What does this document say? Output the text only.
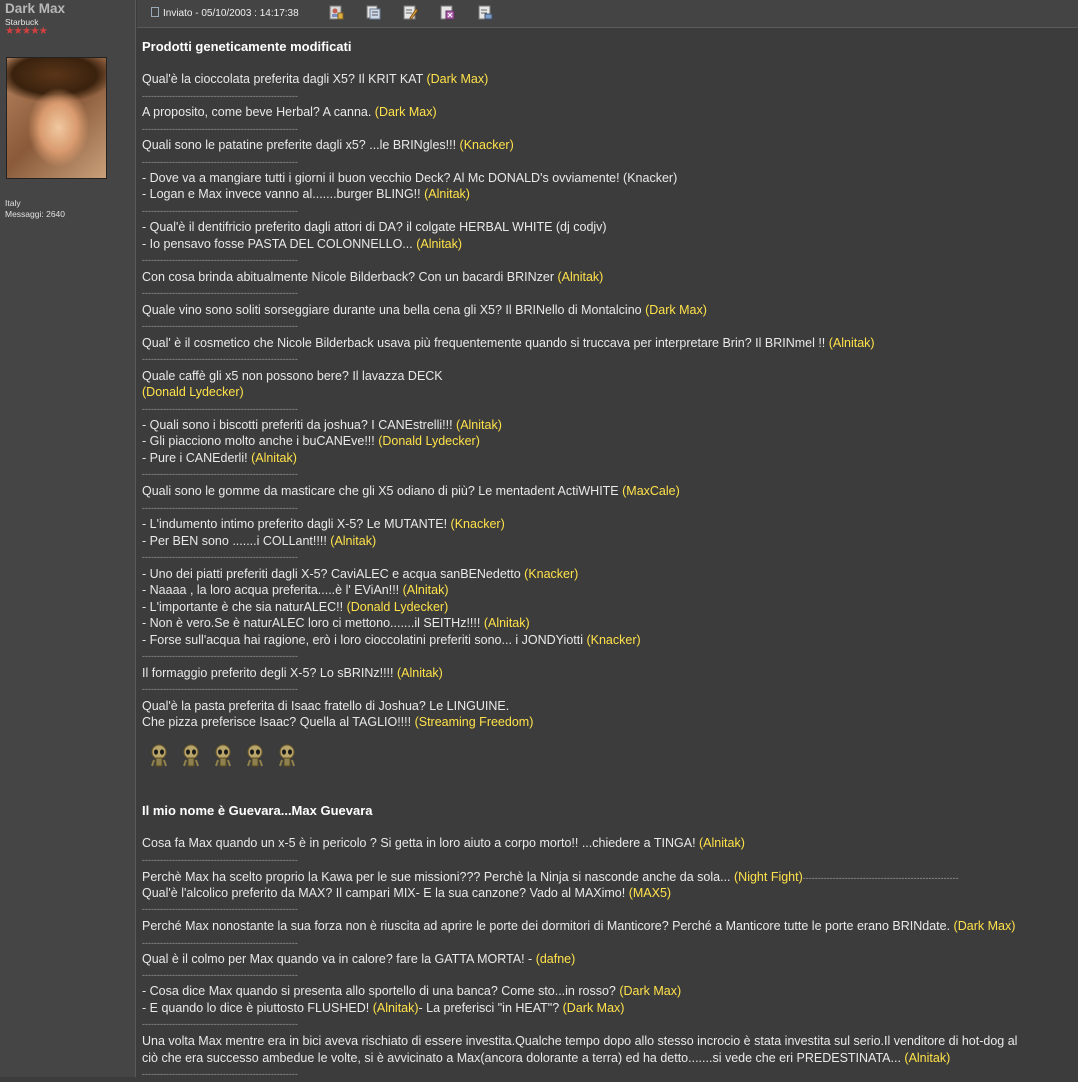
Dark Max
Starbuck
★★★★★
Italy
Messaggi: 2640
Inviato - 05/10/2003 : 14:17:38
Prodotti geneticamente modificati
Qual'è la cioccolata preferita dagli X5? Il KRIT KAT (Dark Max)
----------------------------------------------------
A proposito, come beve Herbal? A canna. (Dark Max)
----------------------------------------------------
Quali sono le patatine preferite dagli x5? ...le BRINgles!!! (Knacker)
----------------------------------------------------
- Dove va a mangiare tutti i giorni il buon vecchio Deck? Al Mc DONALD's ovviamente! (Knacker)
- Logan e Max invece vanno al.......burger BLING!! (Alnitak)
----------------------------------------------------
- Qual'è il dentifricio preferito dagli attori di DA? il colgate HERBAL WHITE (dj codjv)
- Io pensavo fosse PASTA DEL COLONNELLO... (Alnitak)
----------------------------------------------------
Con cosa brinda abitualmente Nicole Bilderback? Con un bacardi BRINzer (Alnitak)
----------------------------------------------------
Quale vino sono soliti sorseggiare durante una bella cena gli X5? Il BRINello di Montalcino (Dark Max)
----------------------------------------------------
Qual' è il cosmetico che Nicole Bilderback usava più frequentemente quando si truccava per interpretare Brin? Il BRINmel !! (Alnitak)
----------------------------------------------------
Quale caffè gli x5 non possono bere? Il lavazza DECK
(Donald Lydecker)
----------------------------------------------------
- Quali sono i biscotti preferiti da joshua? I CANEstrelli!!! (Alnitak)
- Gli piacciono molto anche i buCANEve!!! (Donald Lydecker)
- Pure i CANEderli! (Alnitak)
----------------------------------------------------
Quali sono le gomme da masticare che gli X5 odiano di più? Le mentadent ActiWHITE (MaxCale)
----------------------------------------------------
- L'indumento intimo preferito dagli X-5? Le MUTANTE! (Knacker)
- Per BEN sono .......i COLLant!!!! (Alnitak)
----------------------------------------------------
- Uno dei piatti preferiti dagli X-5? CaviALEC e acqua sanBENedetto (Knacker)
- Naaaa , la loro acqua preferita.....è l' EViAn!!! (Alnitak)
- L'importante è che sia naturALEC!! (Donald Lydecker)
- Non è vero.Se è naturALEC loro ci mettono.......il SEITHz!!!! (Alnitak)
- Forse sull'acqua hai ragione, erò i loro cioccolatini preferiti sono... i JONDYiotti (Knacker)
----------------------------------------------------
Il formaggio preferito degli X-5? Lo sBRINz!!!! (Alnitak)
----------------------------------------------------
Qual'è la pasta preferita di Isaac fratello di Joshua? Le LINGUINE.
Che pizza preferisce Isaac? Quella al TAGLIO!!!! (Streaming Freedom)
Il mio nome è Guevara...Max Guevara
Cosa fa Max quando un x-5 è in pericolo ? Si getta in loro aiuto a corpo morto!! ...chiedere a TINGA! (Alnitak)
----------------------------------------------------
Perchè Max ha scelto proprio la Kawa per le sue missioni??? Perchè la Ninja si nasconde anche da sola... (Night Fight)----------------------------------------------------
Qual'è l'alcolico preferito da MAX? Il campari MIX- E la sua canzone? Vado al MAXimo! (MAX5)
----------------------------------------------------
Perché Max nonostante la sua forza non è riuscita ad aprire le porte dei dormitori di Manticore? Perché a Manticore tutte le porte erano BRINdate. (Dark Max)
----------------------------------------------------
Qual è il colmo per Max quando va in calore? fare la GATTA MORTA! - (dafne)
----------------------------------------------------
- Cosa dice Max quando si presenta allo sportello di una banca? Come sto...in rosso? (Dark Max)
- E quando lo dice è piuttosto FLUSHED! (Alnitak)- La preferisci "in HEAT"? (Dark Max)
----------------------------------------------------
Una volta Max mentre era in bici aveva rischiato di essere investita.Qualche tempo dopo allo stesso incrocio è stata investita sul serio.Il venditore di hot-dog al
ciò che era successo ambedue le volte, si è avvicinato a Max(ancora dolorante a terra) ed ha detto.......si vede che eri PREDESTINATA... (Alnitak)
----------------------------------------------------
